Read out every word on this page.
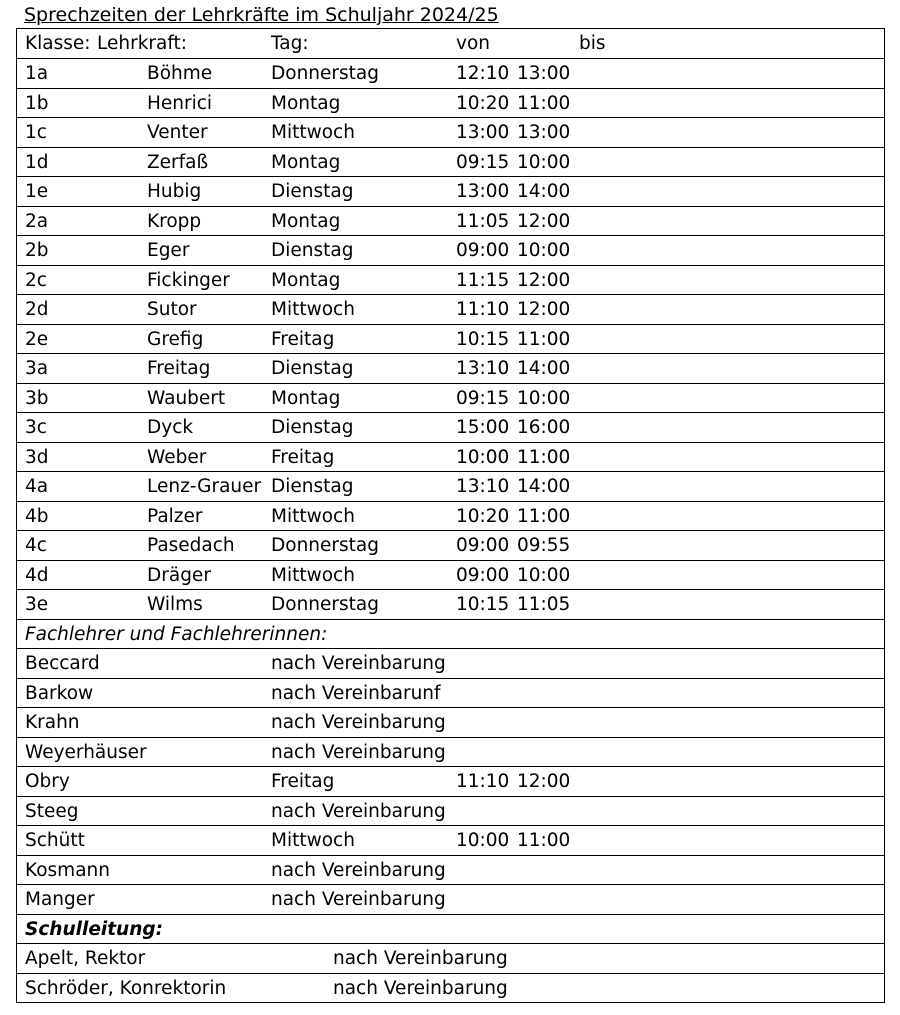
Sprechzeiten der Lehrkräfte im Schuljahr 2024/25
Klasse: Lehrkraft:	Tag:	von	bis
1a	Böhme	Donnerstag	12:10 13:00
1b	Henrici	Montag	10:20 11:00
1c	Venter	Mittwoch	13:00 13:00
1d	Zerfaß	Montag	09:15 10:00
1e	Hubig	Dienstag	13:00 14:00
2a	Kropp	Montag	11:05 12:00
2b	Eger	Dienstag	09:00 10:00
2c	Fickinger Montag	11:15 12:00
2d	Sutor	Mittwoch	11:10 12:00
2e	Grefig	Freitag	10:15 11:00
3a	Freitag	Dienstag	13:10 14:00
3b	Waubert Montag	09:15 10:00
3c	Dyck	Dienstag	15:00 16:00
3d	Weber	Freitag	10:00 11:00
4a	Lenz-Grauer Dienstag	13:10 14:00
4b	Palzer	Mittwoch	10:20 11:00
4c	Pasedach Donnerstag	09:00 09:55
4d	Dräger	Mittwoch	09:00 10:00
3e	Wilms	Donnerstag	10:15 11:05
Fachlehrer und Fachlehrerinnen:
Beccard	nach Vereinbarung
Barkow	nach Vereinbarunf
Krahn	nach Vereinbarung
Weyerhäuser	nach Vereinbarung
Obry	Freitag	11:10 12:00
Steeg	nach Vereinbarung
Schütt	Mittwoch	10:00 11:00
Kosmann	nach Vereinbarung
Manger	nach Vereinbarung
Schulleitung:
Apelt, Rektor	nach Vereinbarung
Schröder, Konrektorin	nach Vereinbarung
